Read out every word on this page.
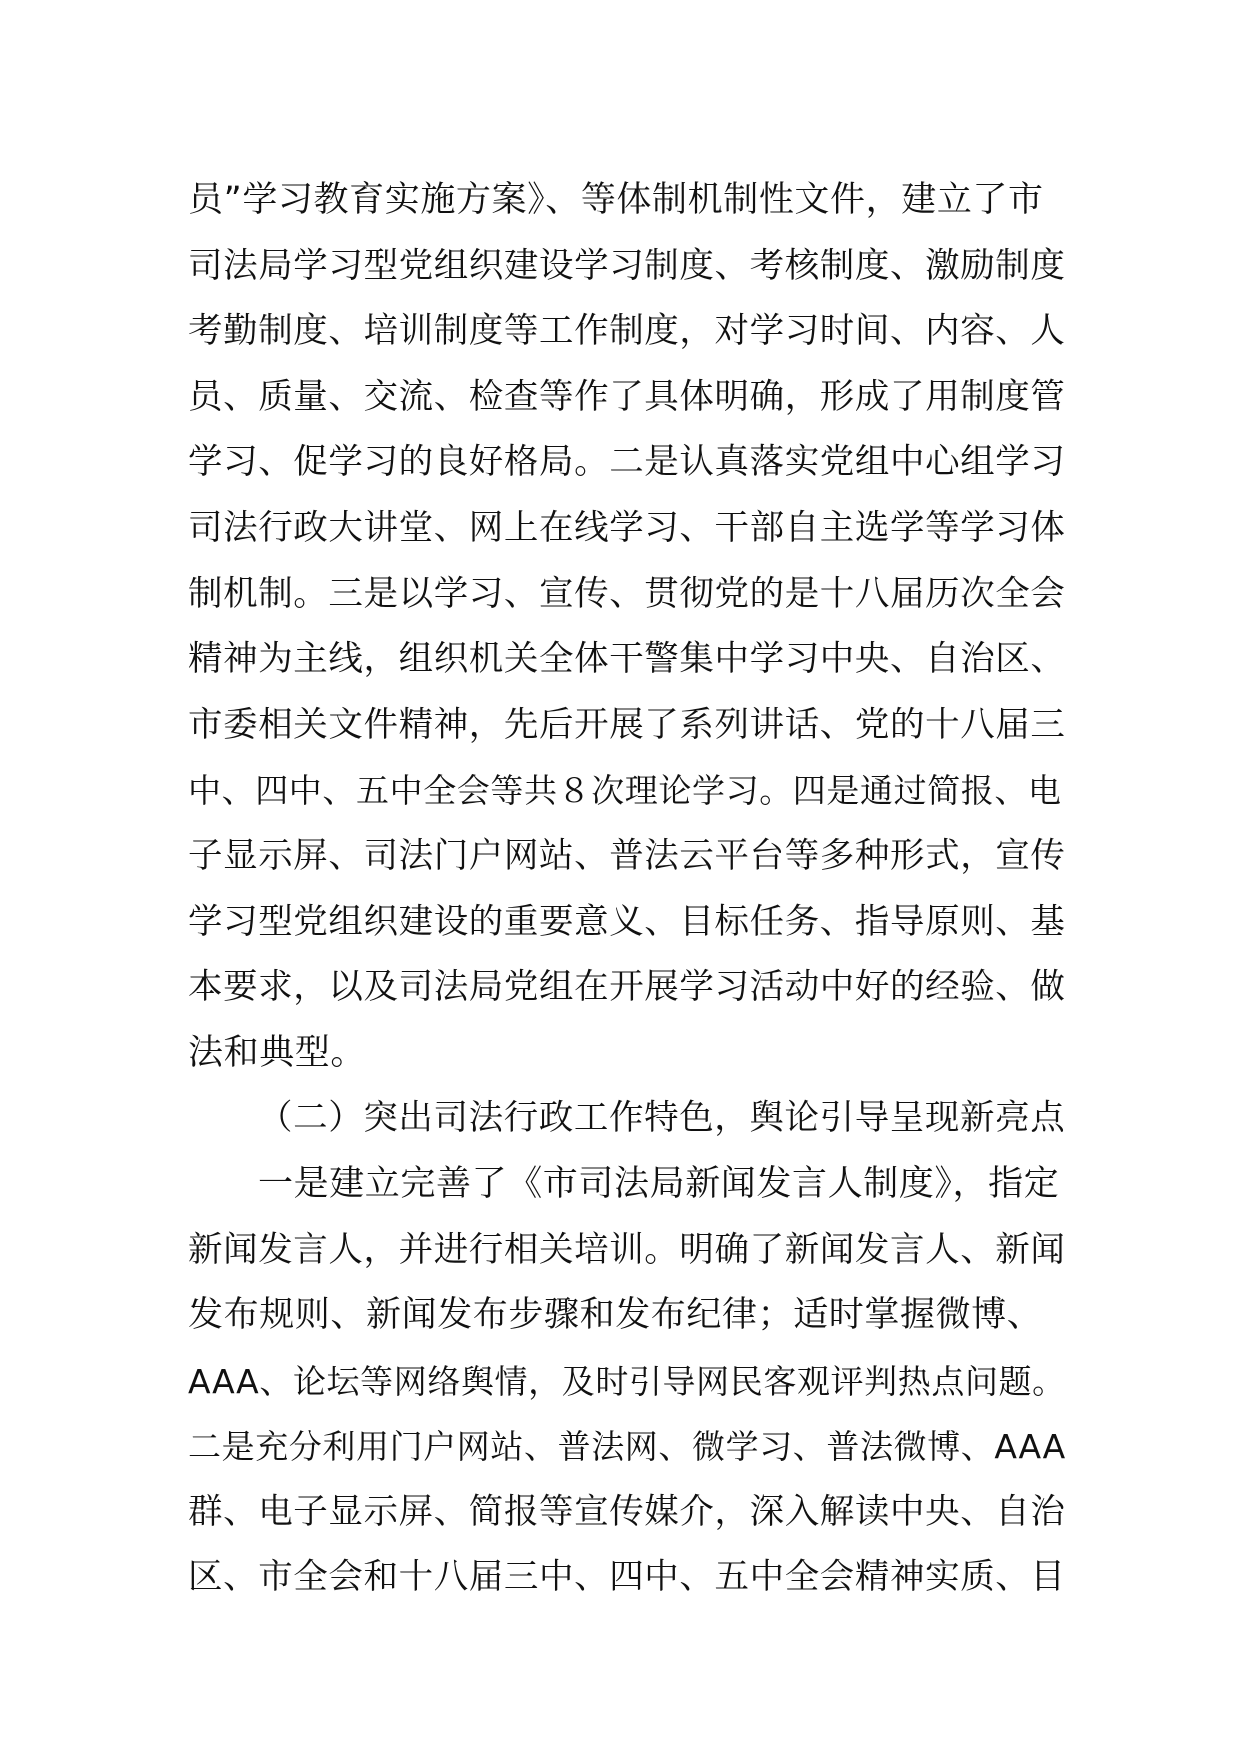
员”学习教育实施方案》、等体制机制性文件，建立了市
司法局学习型党组织建设学习制度、考核制度、激励制度
考勤制度、培训制度等工作制度，对学习时间、内容、人
员、质量、交流、检查等作了具体明确，形成了用制度管
学习、促学习的良好格局。二是认真落实党组中心组学习
司法行政大讲堂、网上在线学习、干部自主选学等学习体
制机制。三是以学习、宣传、贯彻党的是十八届历次全会
精神为主线，组织机关全体干警集中学习中央、自治区、
市委相关文件精神，先后开展了系列讲话、党的十八届三
中、四中、五中全会等共８次理论学习。四是通过简报、电
子显示屏、司法门户网站、普法云平台等多种形式，宣传
学习型党组织建设的重要意义、目标任务、指导原则、基
本要求，以及司法局党组在开展学习活动中好的经验、做
法和典型。
（二）突出司法行政工作特色，舆论引导呈现新亮点
一是建立完善了《市司法局新闻发言人制度》，指定
新闻发言人，并进行相关培训。明确了新闻发言人、新闻
发布规则、新闻发布步骤和发布纪律；适时掌握微博、
AAA、论坛等网络舆情，及时引导网民客观评判热点问题。
二是充分利用门户网站、普法网、微学习、普法微博、AAA
群、电子显示屏、简报等宣传媒介，深入解读中央、自治
区、市全会和十八届三中、四中、五中全会精神实质、目
